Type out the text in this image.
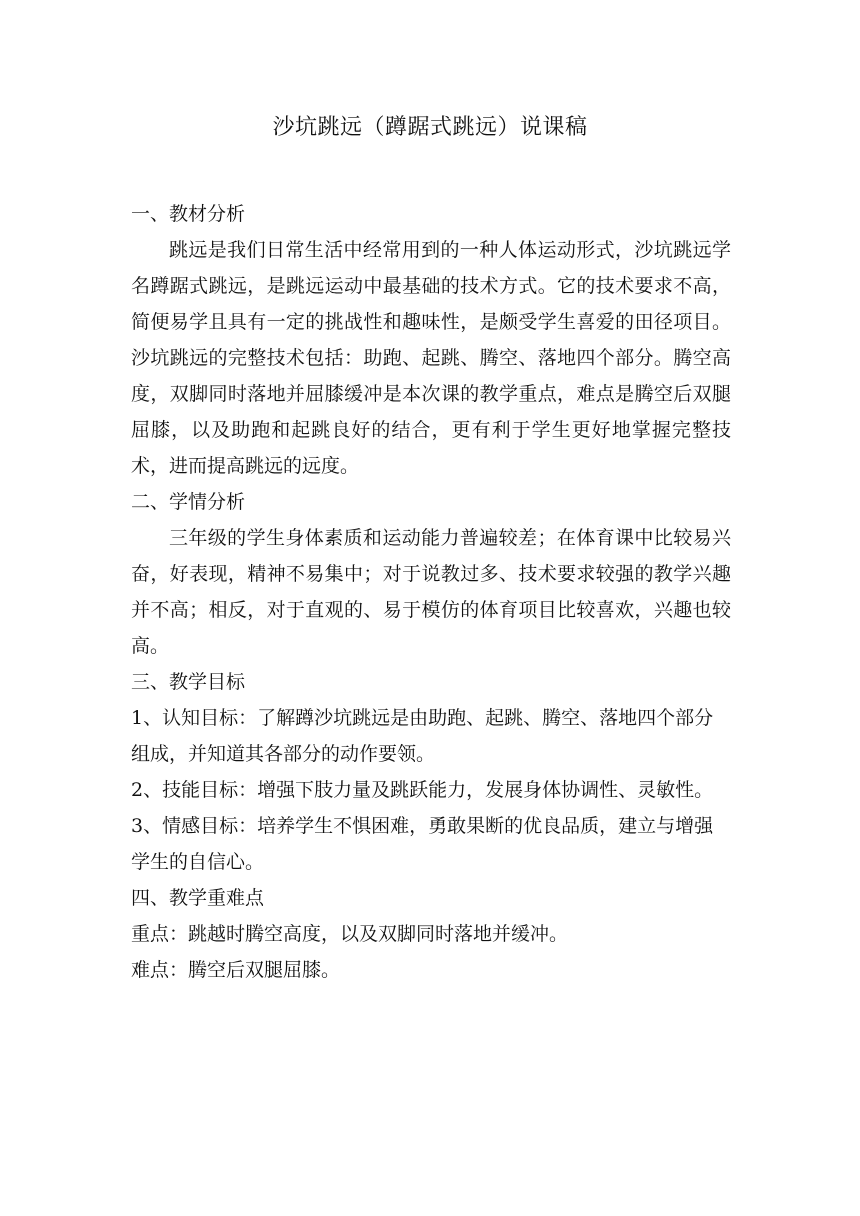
沙坑跳远（蹲踞式跳远）说课稿

一、教材分析

跳远是我们日常生活中经常用到的一种人体运动形式，沙坑跳远学名蹲踞式跳远，是跳远运动中最基础的技术方式。它的技术要求不高，简便易学且具有一定的挑战性和趣味性，是颇受学生喜爱的田径项目。沙坑跳远的完整技术包括：助跑、起跳、腾空、落地四个部分。腾空高度，双脚同时落地并屈膝缓冲是本次课的教学重点，难点是腾空后双腿屈膝，以及助跑和起跳良好的结合，更有利于学生更好地掌握完整技术，进而提高跳远的远度。

二、学情分析

三年级的学生身体素质和运动能力普遍较差；在体育课中比较易兴奋，好表现，精神不易集中；对于说教过多、技术要求较强的教学兴趣并不高；相反，对于直观的、易于模仿的体育项目比较喜欢，兴趣也较高。

三、教学目标

1、认知目标：了解蹲沙坑跳远是由助跑、起跳、腾空、落地四个部分组成，并知道其各部分的动作要领。

2、技能目标：增强下肢力量及跳跃能力，发展身体协调性、灵敏性。

3、情感目标：培养学生不惧困难，勇敢果断的优良品质，建立与增强学生的自信心。

四、教学重难点

重点：跳越时腾空高度，以及双脚同时落地并缓冲。

难点：腾空后双腿屈膝。
